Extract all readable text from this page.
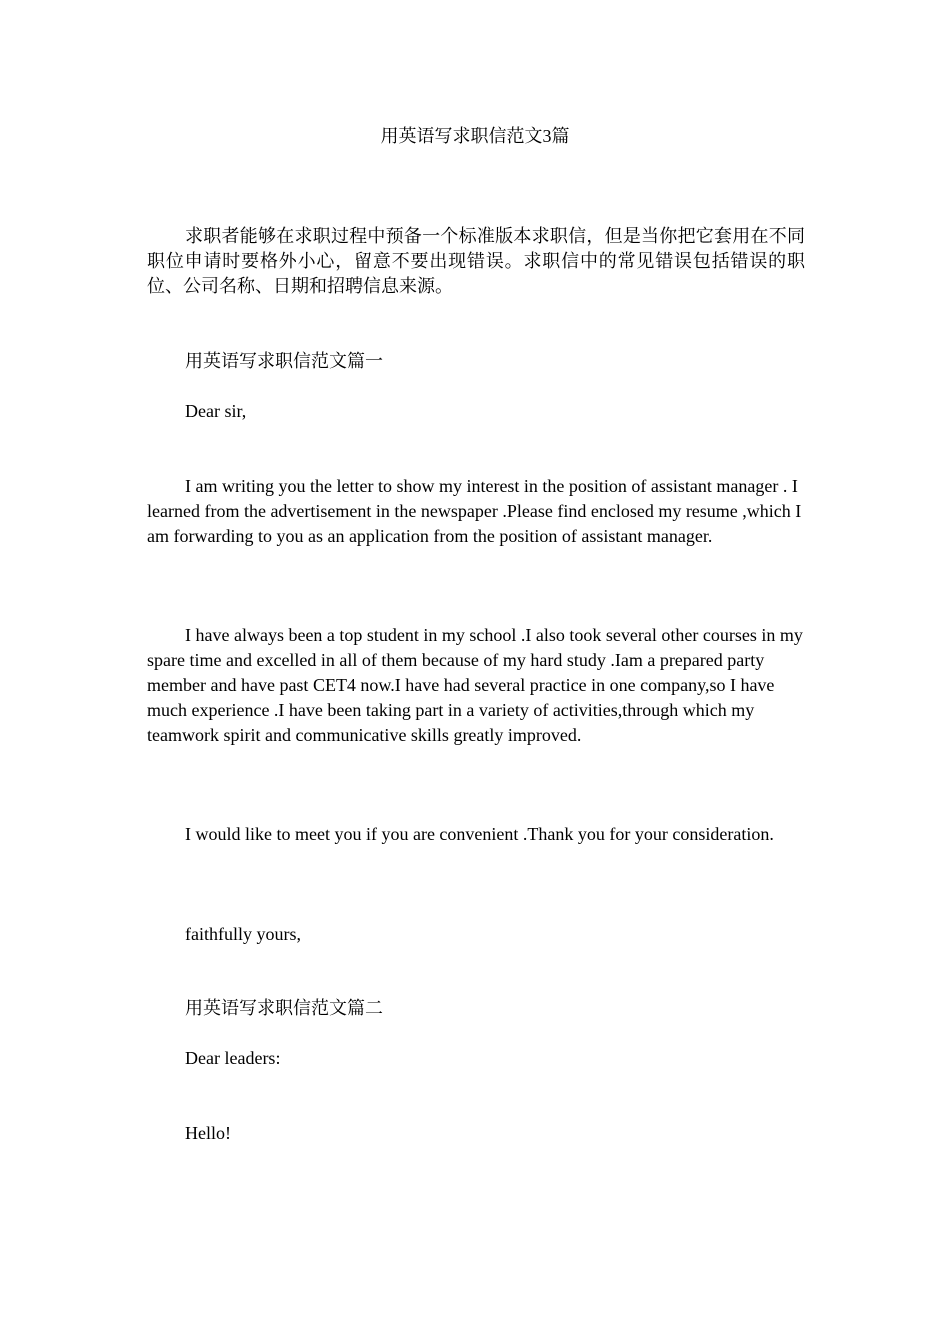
用英语写求职信范文3篇

求职者能够在求职过程中预备一个标准版本求职信，但是当你把它套用在不同职位申请时要格外小心，留意不要出现错误。求职信中的常见错误包括错误的职位、公司名称、日期和招聘信息来源。

用英语写求职信范文篇一

Dear sir,

I am writing you the letter to show my interest in the position of assistant manager . I learned from the advertisement in the newspaper .Please find enclosed my resume ,which I am forwarding to you as an application from the position of assistant manager.

I have always been a top student in my school .I also took several other courses in my spare time and excelled in all of them because of my hard study .Iam a prepared party member and have past CET4 now.I have had several practice in one company,so I have much experience .I have been taking part in a variety of activities,through which my teamwork spirit and communicative skills greatly improved.

I would like to meet you if you are convenient .Thank you for your consideration.

faithfully yours,

用英语写求职信范文篇二

Dear leaders:

Hello!
